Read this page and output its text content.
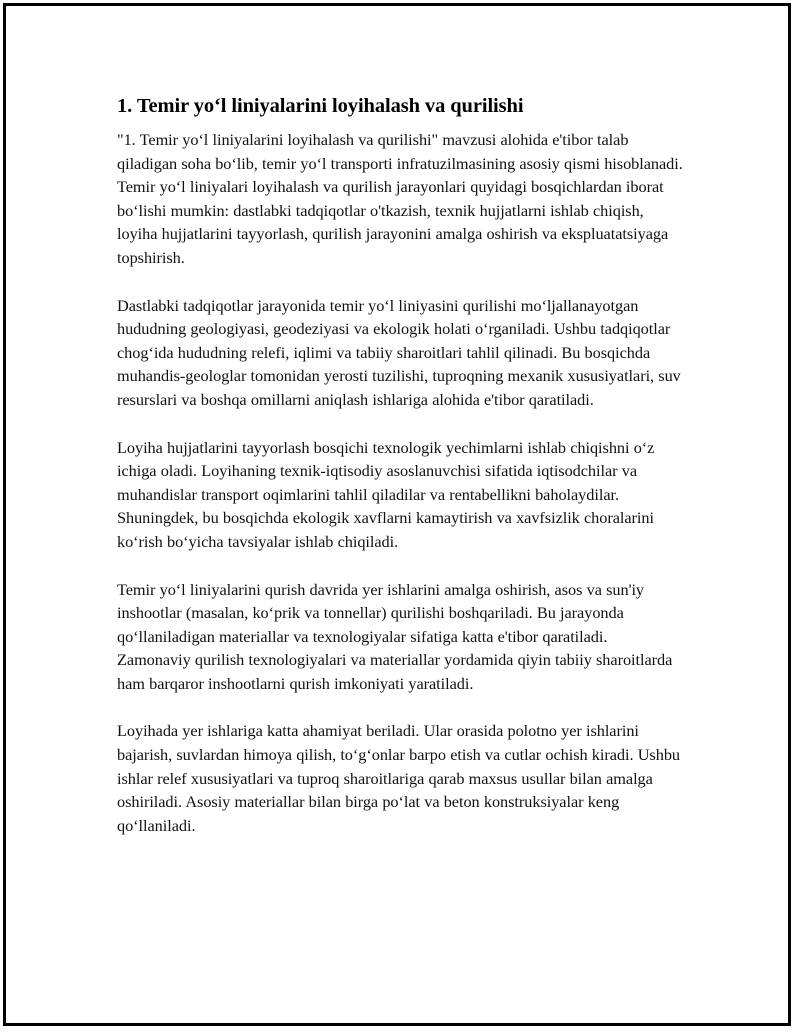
1. Temir yo‘l liniyalarini loyihalash va qurilishi

"1. Temir yo‘l liniyalarini loyihalash va qurilishi" mavzusi alohida e'tibor talab qiladigan soha bo‘lib, temir yo‘l transporti infratuzilmasining asosiy qismi hisoblanadi. Temir yo‘l liniyalari loyihalash va qurilish jarayonlari quyidagi bosqichlardan iborat bo‘lishi mumkin: dastlabki tadqiqotlar o'tkazish, texnik hujjatlarni ishlab chiqish, loyiha hujjatlarini tayyorlash, qurilish jarayonini amalga oshirish va ekspluatatsiyaga topshirish.

Dastlabki tadqiqotlar jarayonida temir yo‘l liniyasini qurilishi mo‘ljallanayotgan hududning geologiyasi, geodeziyasi va ekologik holati o‘rganiladi. Ushbu tadqiqotlar chog‘ida hududning relefi, iqlimi va tabiiy sharoitlari tahlil qilinadi. Bu bosqichda muhandis-geologlar tomonidan yerosti tuzilishi, tuproqning mexanik xususiyatlari, suv resurslari va boshqa omillarni aniqlash ishlariga alohida e'tibor qaratiladi.

Loyiha hujjatlarini tayyorlash bosqichi texnologik yechimlarni ishlab chiqishni o‘z ichiga oladi. Loyihaning texnik-iqtisodiy asoslanuvchisi sifatida iqtisodchilar va muhandislar transport oqimlarini tahlil qiladilar va rentabellikni baholaydilar. Shuningdek, bu bosqichda ekologik xavflarni kamaytirish va xavfsizlik choralarini ko‘rish bo‘yicha tavsiyalar ishlab chiqiladi.

Temir yo‘l liniyalarini qurish davrida yer ishlarini amalga oshirish, asos va sun'iy inshootlar (masalan, ko‘prik va tonnellar) qurilishi boshqariladi. Bu jarayonda qo‘llaniladigan materiallar va texnologiyalar sifatiga katta e'tibor qaratiladi. Zamonaviy qurilish texnologiyalari va materiallar yordamida qiyin tabiiy sharoitlarda ham barqaror inshootlarni qurish imkoniyati yaratiladi.

Loyihada yer ishlariga katta ahamiyat beriladi. Ular orasida polotno yer ishlarini bajarish, suvlardan himoya qilish, to‘g‘onlar barpo etish va cutlar ochish kiradi. Ushbu ishlar relef xususiyatlari va tuproq sharoitlariga qarab maxsus usullar bilan amalga oshiriladi. Asosiy materiallar bilan birga po‘lat va beton konstruksiyalar keng qo‘llaniladi.
